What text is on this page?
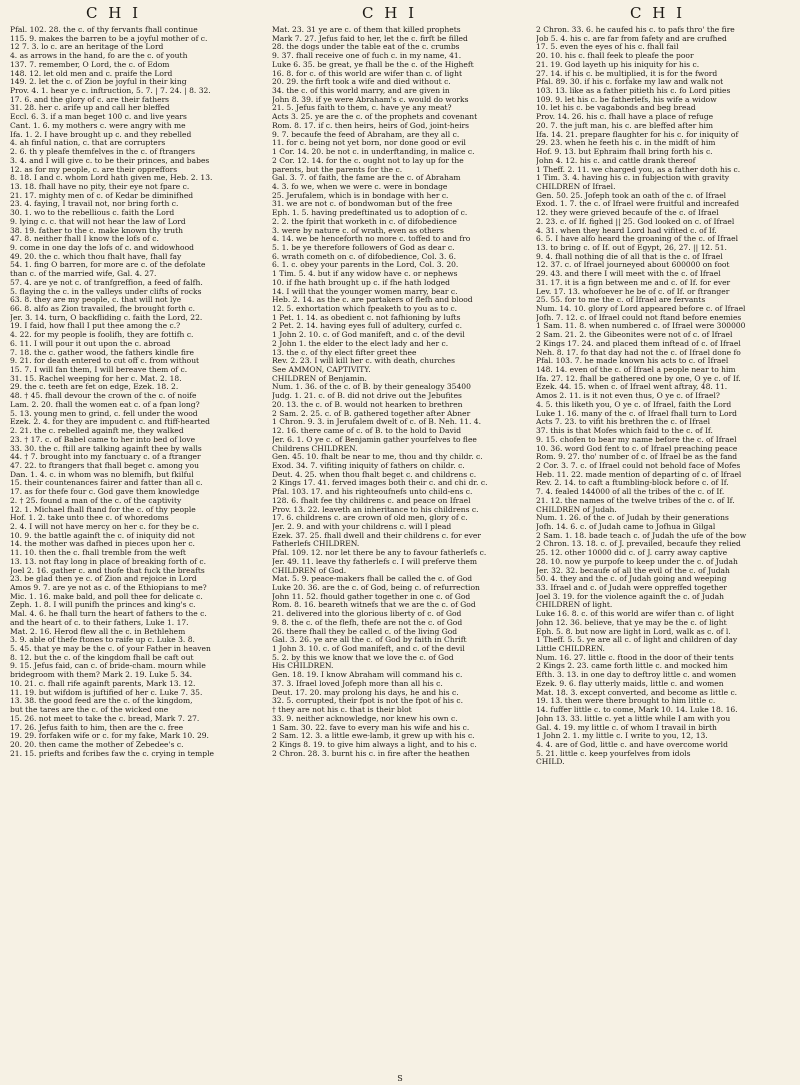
C H I	C H I	C H I
Pfal. 102. 28. the c. of thy fervants fhall continue
115. 9. makes the barren to be a joyful mother of c.
12 7. 3. lo c. are an heritage of the Lord
4. as arrows in the hand, fo are the c. of youth
137. 7. remember, O Lord, the c. of Edom
148. 12. let old men and c. praife the Lord
149. 2. let the c. of Zion be joyful in their king
Prov. 4. 1. hear ye c. inftruction, 5. 7. | 7. 24. | 8. 32.
17. 6. and the glory of c. are their fathers
31. 28. her c. arife up and call her bleffed
Eccl. 6. 3. if a man beget 100 c. and live years
Cant. 1. 6. my mothers c. were angry with me
Ifa. 1. 2. I have brought up c. and they rebelled
4. ah finful nation, c. that are corrupters
2. 6. th y pleafe themfelves in the c. of ftrangers
3. 4. and I will give c. to be their princes, and babes
12. as for my people, c. are their oppreffors
8. 18. I and c. whom Lord hath given me, Heb. 2. 13.
13. 18. fhall have no pity, their eye not fpare c.
21. 17. mighty men of c. of Kedar be diminifhed
23. 4. faying, I travail not, nor bring forth c.
30. 1. wo to the rebellious c. faith the Lord
9. lying c. c. that will not hear the law of Lord
38. 19. father to the c. make known thy truth
47. 8. neither fhall I know the lofs of c.
9. come in one day the lofs of c. and widowhood
49. 20. the c. which thou fhalt have, fhall fay
54. 1. fing O barren, for more are c. of the defolate
than c. of the married wife, Gal. 4. 27.
57. 4. are ye not c. of tranfgreffion, a feed of falfh.
5. flaying the c. in the valleys under clifts of rocks
63. 8. they are my people, c. that will not lye
66. 8. alfo as Zion travailed, fhe brought forth c.
Jer. 3. 14. turn, O backfliding c. faith the Lord, 22.
19. I faid, how fhall I put thee among the c.?
4. 22. for my people is foolifh, they are fottifh c.
6. 11. I will pour it out upon the c. abroad
7. 18. the c. gather wood, the fathers kindle fire
9. 21. for death entered to cut off c. from without
15. 7. I will fan them, I will bereave them of c.
31. 15. Rachel weeping for her c. Mat. 2. 18.
29. the c. teeth are fet on edge, Ezek. 18. 2.
48. † 45. fhall devour the crown of the c. of noife
Lam. 2. 20. fhall the women eat c. of a fpan long?
5. 13. young men to grind, c. fell under the wood
Ezek. 2. 4. for they are impudent c. and ftiff-hearted
2. 21. the c. rebelled againft me, they walked
23. † 17. c. of Babel came to her into bed of love
33. 30. the c. ftill are talking againft thee by walls
44. † 7. brought into my fanctuary c. of a ftranger
47. 22. to ftrangers that fhall beget c. among you
Dan. 1. 4. c. in whom was no blemifh, but fkilful
15. their countenances fairer and fatter than all c.
17. as for thefe four c. God gave them knowledge
2. † 25. found a man of the c. of the captivity
12. 1. Michael fhall ftand for the c. of thy people
Hof. 1. 2. take unto thee c. of whoredoms
2. 4. I will not have mercy on her c. for they be c.
10. 9. the battle againft the c. of iniquity did not
14. the mother was dafhed in pieces upon her c.
11. 10. then the c. fhall tremble from the weft
13. 13. not ftay long in place of breaking forth of c.
Joel 2. 16. gather c. and thofe that fuck the breafts
23. be glad then ye c. of Zion and rejoice in Lord
Amos 9. 7. are ye not as c. of the Ethiopians to me?
Mic. 1. 16. make bald, and poll thee for delicate c.
Zeph. 1. 8. I will punifh the princes and king's c.
Mal. 4. 6. he fhall turn the heart of fathers to the c.
and the heart of c. to their fathers, Luke 1. 17.
Mat. 2. 16. Herod flew all the c. in Bethlehem
3. 9. able of thefe ftones to raife up c. Luke 3. 8.
5. 45. that ye may be the c. of your Father in heaven
8. 12. but the c. of the kingdom fhall be caft out
9. 15. Jefus faid, can c. of bride-cham. mourn while
bridegroom with them? Mark 2. 19. Luke 5. 34.
10. 21. c. fhall rife againft parents, Mark 13. 12.
11. 19. but wifdom is juftified of her c. Luke 7. 35.
13. 38. the good feed are the c. of the kingdom,
but the tares are the c. of the wicked one
15. 26. not meet to take the c. bread, Mark 7. 27.
17. 26. Jefus faith to him, then are the c. free
19. 29. forfaken wife or c. for my fake, Mark 10. 29.
20. 20. then came the mother of Zebedee's c.
21. 15. priefts and fcribes faw the c. crying in temple
Mat. 23. 31 ye are c. of them that killed prophets
Mark 7. 27. Jefus faid to her, let the c. firft be filled
28. the dogs under the table eat of the c. crumbs
9. 37. fhall receive one of fuch c. in my name, 41.
Luke 6. 35. be great, ye fhall be the c. of the Higheft
16. 8. for c. of this world are wifer than c. of light
20. 29. the firft took a wife and died without c.
34. the c. of this world marry, and are given in
John 8. 39. if ye were Abraham's c. would do works
21. 5. Jefus faith to them, c. have ye any meat?
Acts 3. 25. ye are the c. of the prophets and covenant
Rom. 8. 17. if c. then heirs, heirs of God, joint-heirs
9. 7. becaufe the feed of Abraham, are they all c.
11. for c. being not yet born, nor done good or evil
1 Cor. 14. 20. be not c. in underftanding, in malice c.
2 Cor. 12. 14. for the c. ought not to lay up for the
parents, but the parents for the c.
Gal. 3. 7. of faith, the fame are the c. of Abraham
4. 3. fo we, when we were c. were in bondage
25. Jerufalem, which is in bondage with her c.
31. we are not c. of bondwoman but of the free
Eph. 1. 5. having predeftinated us to adoption of c.
2. 2. the fpirit that worketh in c. of difobedience
3. were by nature c. of wrath, even as others
4. 14. we be henceforth no more c. toffed to and fro
5. 1. be ye therefore followers of God as dear c.
6. wrath cometh on c. of difobedience, Col. 3. 6.
6. 1. c. obey your parents in the Lord, Col. 3. 20.
1 Tim. 5. 4. but if any widow have c. or nephews
10. if fhe hath brought up c. if fhe hath lodged
14. I will that the younger women marry, bear c.
Heb. 2. 14. as the c. are partakers of flefh and blood
12. 5. exhortation which fpeaketh to you as to c.
1 Pet. 1. 14. as obedient c. not fafhioning by lufts
2 Pet. 2. 14. having eyes full of adultery, curfed c.
1 John 2. 10. c. of God manifeft, and c. of the devil
2 John 1. the elder to the elect lady and her c.
13. the c. of thy elect fifter greet thee
Rev. 2. 23. I will kill her c. with death, churches
See AMMON, CAPTIVITY.
CHILDREN of Benjamin.
Num. 1. 36. of the c. of B. by their genealogy 35400
Judg. 1. 21. c. of B. did not drive out the Jebufites
20. 13. the c. of B. would not hearken to brethren
2 Sam. 2. 25. c. of B. gathered together after Abner
1 Chron. 9. 3. in Jerufalem dwelt of c. of B. Neh. 11. 4.
12. 16. there came of c. of B. to the hold to David
Jer. 6. 1. O ye c. of Benjamin gather yourfelves to flee
Childrens CHILDREN.
Gen. 45. 10. fhalt be near to me, thou and thy childr. c.
Exod. 34. 7. vifiting iniquity of fathers on childr. c.
Deut. 4. 25. when thou fhalt beget c. and childrens c.
2 Kings 17. 41. ferved images both their c. and chi dr. c.
Pfal. 103. 17. and his righteoufnefs unto child-ens c.
128. 6. fhalt fee thy childrens c. and peace on Ifrael
Prov. 13. 22. leaveth an inheritance to his childrens c.
17. 6. childrens c. are crown of old men, glory of c.
Jer. 2. 9. and with your childrens c. will I plead
Ezek. 37. 25. fhall dwell and their childrens c. for ever
Fatherlefs CHILDREN.
Pfal. 109. 12. nor let there be any to favour fatherlefs c.
Jer. 49. 11. leave thy fatherlefs c. I will preferve them
CHILDREN of God.
Mat. 5. 9. peace-makers fhall be called the c. of God
Luke 20. 36. are the c. of God, being c. of refurrection
John 11. 52. fhould gather together in one c. of God
Rom. 8. 16. beareth witnefs that we are the c. of God
21. delivered into the glorious liberty of c. of God
9. 8. the c. of the flefh, thefe are not the c. of God
26. there fhall they be called c. of the living God
Gal. 3. 26. ye are all the c. of God by faith in Chrift
1 John 3. 10. c. of God manifeft, and c. of the devil
5. 2. by this we know that we love the c. of God
His CHILDREN.
Gen. 18. 19. I know Abraham will command his c.
37. 3. Ifrael loved Jofeph more than all his c.
Deut. 17. 20. may prolong his days, he and his c.
32. 5. corrupted, their fpot is not the fpot of his c.
† they are not his c. that is their blot
33. 9. neither acknowledge, nor knew his own c.
1 Sam. 30. 22. fave to every man his wife and his c.
2 Sam. 12. 3. a little ewe-lamb, it grew up with his c.
2 Kings 8. 19. to give him always a light, and to his c.
2 Chron. 28. 3. burnt his c. in fire after the heathen
2 Chron. 33. 6. he caufed his c. to pafs thro' the fire
Job 5. 4. his c. are far from fafety and are crufhed
17. 5. even the eyes of his c. fhall fail
20. 10. his c. fhall feek to pleafe the poor
21. 19. God layeth up his iniquity for his c.
27. 14. if his c. be multiplied, it is for the fword
Pfal. 89. 30. if his c. forfake my law and walk not
103. 13. like as a father pitieth his c. fo Lord pities
109. 9. let his c. be fatherlefs, his wife a widow
10. let his c. be vagabonds and beg bread
Prov. 14. 26. his c. fhall have a place of refuge
20. 7. the juft man, his c. are bleffed after him
Ifa. 14. 21. prepare flaughter for his c. for iniquity of
29. 23. when he feeth his c. in the midft of him
Hof. 9. 13. but Ephraim fhall bring forth his c.
John 4. 12. his c. and cattle drank thereof
1 Theff. 2. 11. we charged you, as a father doth his c.
1 Tim. 3. 4. having his c. in fubjection with gravity
CHILDREN of Ifrael.
Gen. 50. 25. Jofeph took an oath of the c. of Ifrael
Exod. 1. 7. the c. of Ifrael were fruitful and increafed
12. they were grieved becaufe of the c. of Ifrael
2. 23. c. of If. fighed || 25. God looked on c. of Ifrael
4. 31. when they heard Lord had vifited c. of If.
6. 5. I have alfo heard the groaning of the c. of Ifrael
13. to bring c. of If. out of Egypt, 26, 27. || 12. 51.
9. 4. fhall nothing die of all that is the c. of Ifrael
12. 37. c. of Ifrael journeyed about 600000 on foot
29. 43. and there I will meet with the c. of Ifrael
31. 17. it is a fign between me and c. of If. for ever
Lev. 17. 13. whofoever he be of c. of If. or ftranger
25. 55. for to me the c. of Ifrael are fervants
Num. 14. 10. glory of Lord appeared before c. of Ifrael
Jofh. 7. 12. c. of Ifrael could not ftand before enemies
1 Sam. 11. 8. when numbered c. of Ifrael were 300000
2 Sam. 21. 2. the Gibeonites were not of c. of Ifrael
2 Kings 17. 24. and placed them inftead of c. of Ifrael
Neh. 8. 17. fo that day had not the c. of Ifrael done fo
Pfal. 103. 7. he made known his acts to c. of Ifrael
148. 14. even of the c. of Ifrael a people near to him
Ifa. 27. 12. fhall be gathered one by one, O ye c. of If.
Ezek. 44. 15. when c. of Ifrael went aftray, 48. 11.
Amos 2. 11. is it not even thus, O ye c. of Ifrael?
4. 5. this liketh you, O ye c. of Ifrael, faith the Lord
Luke 1. 16. many of the c. of Ifrael fhall turn to Lord
Acts 7. 23. to vifit his brethren the c. of Ifrael
37. this is that Mofes which faid to the c. of If.
9. 15. chofen to bear my name before the c. of Ifrael
10. 36. word God fent to c. of Ifrael preaching peace
Rom. 9. 27. tho' number of c. of Ifrael be as the fand
2 Cor. 3. 7. c. of Ifrael could not behold face of Mofes
Heb. 11. 22. made mention of departing of c. of Ifrael
Rev. 2. 14. to caft a ftumbling-block before c. of If.
7. 4. fealed 144000 of all the tribes of the c. of If.
21. 12. the names of the twelve tribes of the c. of If.
CHILDREN of Judah.
Num. 1. 26. of the c. of Judah by their generations
Jofh. 14. 6. c. of Judah came to Jofhua in Gilgal
2 Sam. 1. 18. bade teach c. of Judah the ufe of the bow
2 Chron. 13. 18. c. of J. prevailed, becaufe they relied
25. 12. other 10000 did c. of J. carry away captive
28. 10. now ye purpofe to keep under the c. of Judah
Jer. 32. 32. becaufe of all the evil of the c. of Judah
50. 4. they and the c. of Judah going and weeping
33. Ifrael and c. of Judah were oppreffed together
Joel 3. 19. for the violence againft the c. of Judah
CHILDREN of light.
Luke 16. 8. c. of this world are wifer than c. of light
John 12. 36. believe, that ye may be the c. of light
Eph. 5. 8. but now are light in Lord, walk as c. of l.
1 Theff. 5. 5. ye are all c. of light and children of day
Little CHILDREN.
Num. 16. 27. little c. ftood in the door of their tents
2 Kings 2. 23. came forth little c. and mocked him
Efth. 3. 13. in one day to deftroy little c. and women
Ezek. 9. 6. flay utterly maids, little c. and women
Mat. 18. 3. except converted, and become as little c.
19. 13. then were there brought to him little c.
14. fuffer little c. to come, Mark 10. 14. Luke 18. 16.
John 13. 33. little c. yet a little while I am with you
Gal. 4. 19. my little c. of whom I travail in birth
1 John 2. 1. my little c. I write to you, 12, 13.
4. 4. are of God, little c. and have overcome world
5. 21. little c. keep yourfelves from idols
CHILD.
S
